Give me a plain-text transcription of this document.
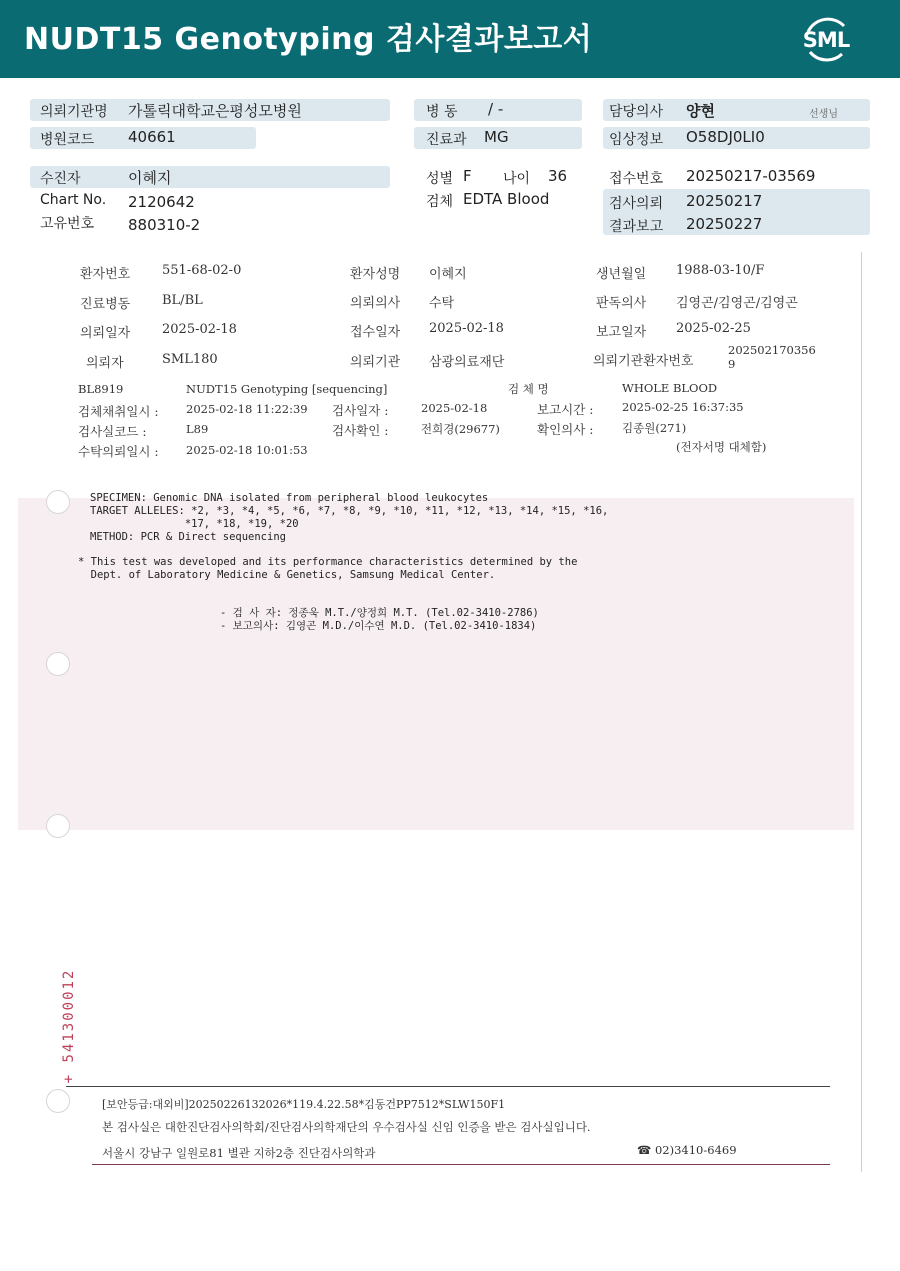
NUDT15 Genotyping 검사결과보고서	SML
의뢰기관명 가톨릭대학교은평성모병원	병 동 / -	담당의사 양현	선생님
병원코드 40661	진료과 MG	임상정보 O58DJ0LI0
수진자	이혜지
Chart No. 2120642
고유번호 880310-2
성별 F 나이 36
검체 EDTA Blood
접수번호 20250217-03569
검사의뢰 20250217
결과보고 20250227
환자번호 551-68-02-0	환자성명 이혜지	생년월일 1988-03-10/F
진료병동 BL/BL	의뢰의사 수탁	판독의사 김영곤/김영곤/김영곤
의뢰일자 2025-02-18	접수일자 2025-02-18	보고일자 2025-02-25
의뢰자	SML180	의뢰기관 삼광의료재단	의뢰기관환자번호
202502170356
9
BL8919	NUDT15 Genotyping [sequencing]	검 체 명	WHOLE BLOOD
검체채취일시 : 2025-02-18 11:22:39 검사일자 :	2025-02-18	보고시간 : 2025-02-25 16:37:35
검사실코드 :	L89	검사확인 :	전희경(29677)	확인의사 : 김종원(271)
수탁의뢰일시 : 2025-02-18 10:01:53	(전자서명 대체함)
SPECIMEN: Genomic DNA isolated from peripheral blood leukocytes
TARGET ALLELES: *2, *3, *4, *5, *6, *7, *8, *9, *10, *11, *12, *13, *14, *15, *16,
*17, *18, *19, *20
METHOD: PCR & Direct sequencing
* This test was developed and its performance characteristics determined by the
Dept. of Laboratory Medicine & Genetics, Samsung Medical Center.
- 검 사 자: 정종욱 M.T./양정희 M.T. (Tel.02-3410-2786)
- 보고의사: 김영곤 M.D./이수연 M.D. (Tel.02-3410-1834)
+ 541300012
[보안등급:대외비]20250226132026*119.4.22.58*김동건PP7512*SLW150F1
본 검사실은 대한진단검사의학회/진단검사의학재단의 우수검사실 신임 인증을 받은 검사실입니다.
서울시 강남구 일원로81 별관 지하2층 진단검사의학과	☎ 02)3410-6469
